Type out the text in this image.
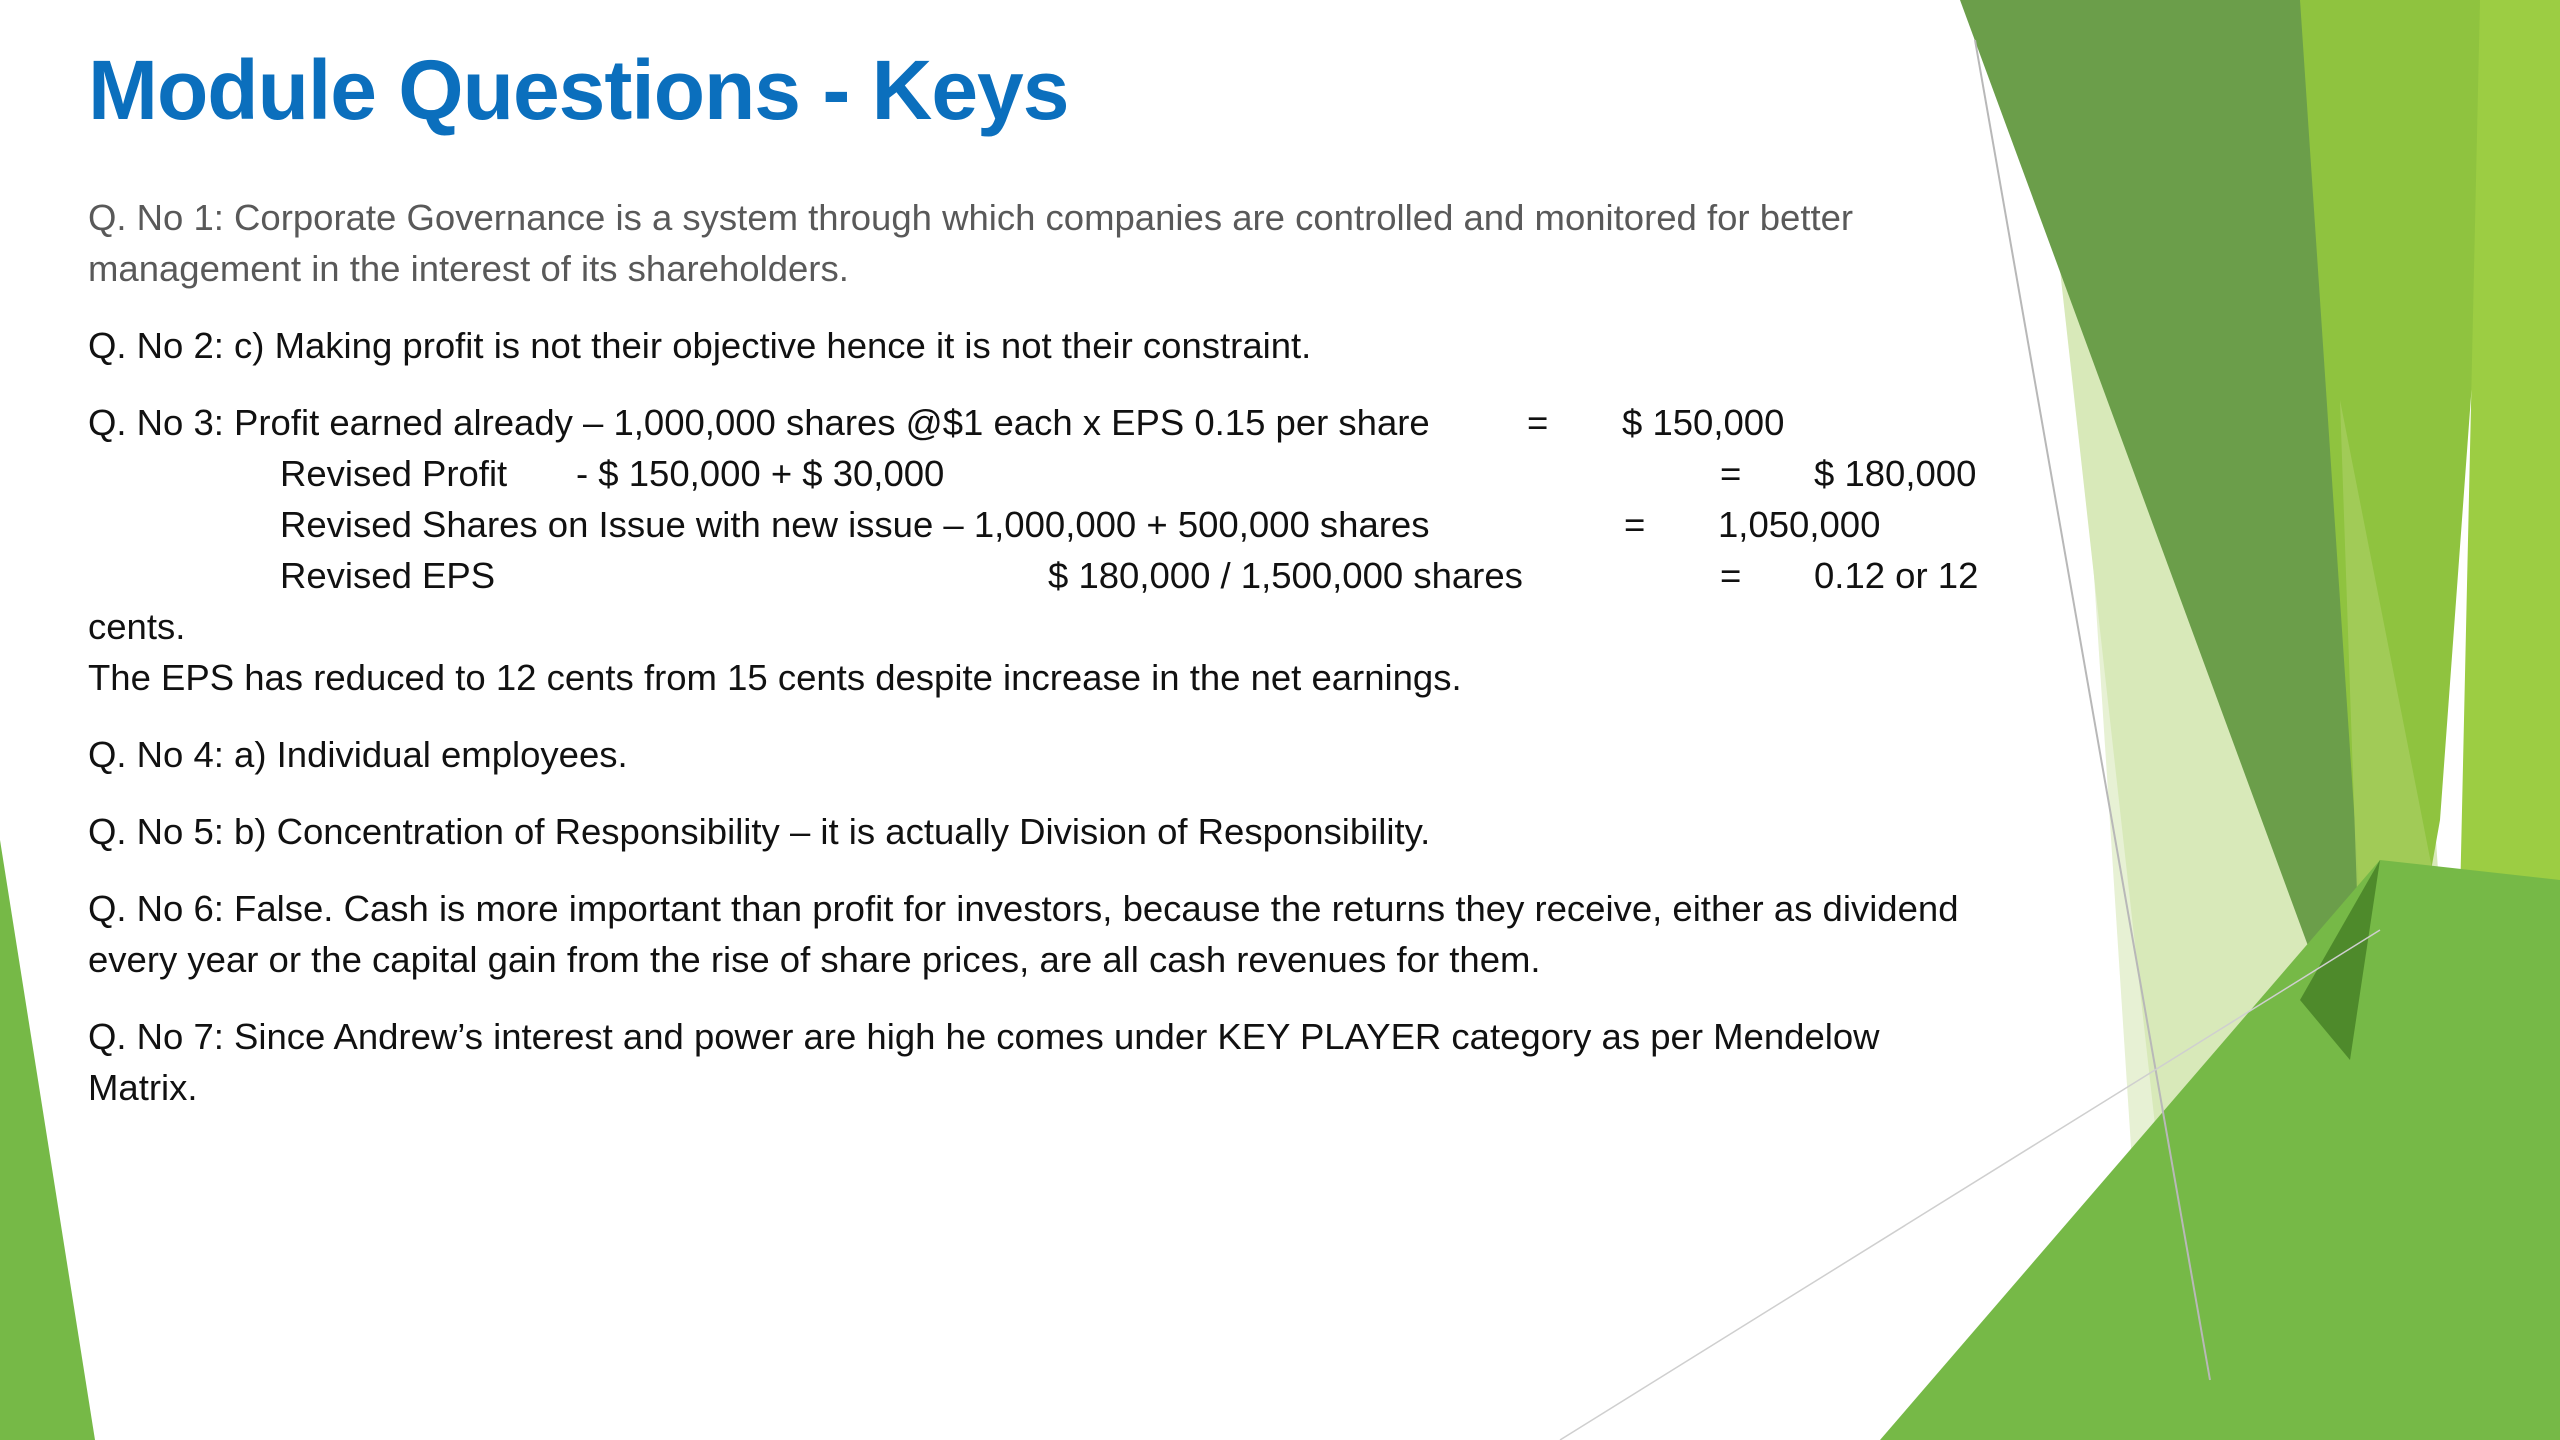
Module Questions - Keys
Q. No 1: Corporate Governance is a system through which companies are controlled and monitored for better
management in the interest of its shareholders.
Q. No 2: c) Making profit is not their objective hence it is not their constraint.
Q. No 3: Profit earned already – 1,000,000 shares @$1 each x EPS 0.15 per share	= $ 150,000
Revised Profit - $ 150,000 + $ 30,000	= $ 180,000
Revised Shares on Issue with new issue – 1,000,000 + 500,000 shares	= 1,050,000
Revised EPS	$ 180,000 / 1,500,000 shares	= 0.12 or 12
cents.
The EPS has reduced to 12 cents from 15 cents despite increase in the net earnings.
Q. No 4: a) Individual employees.
Q. No 5: b) Concentration of Responsibility – it is actually Division of Responsibility.
Q. No 6: False. Cash is more important than profit for investors, because the returns they receive, either as dividend
every year or the capital gain from the rise of share prices, are all cash revenues for them.
Q. No 7: Since Andrew’s interest and power are high he comes under KEY PLAYER category as per Mendelow
Matrix.
